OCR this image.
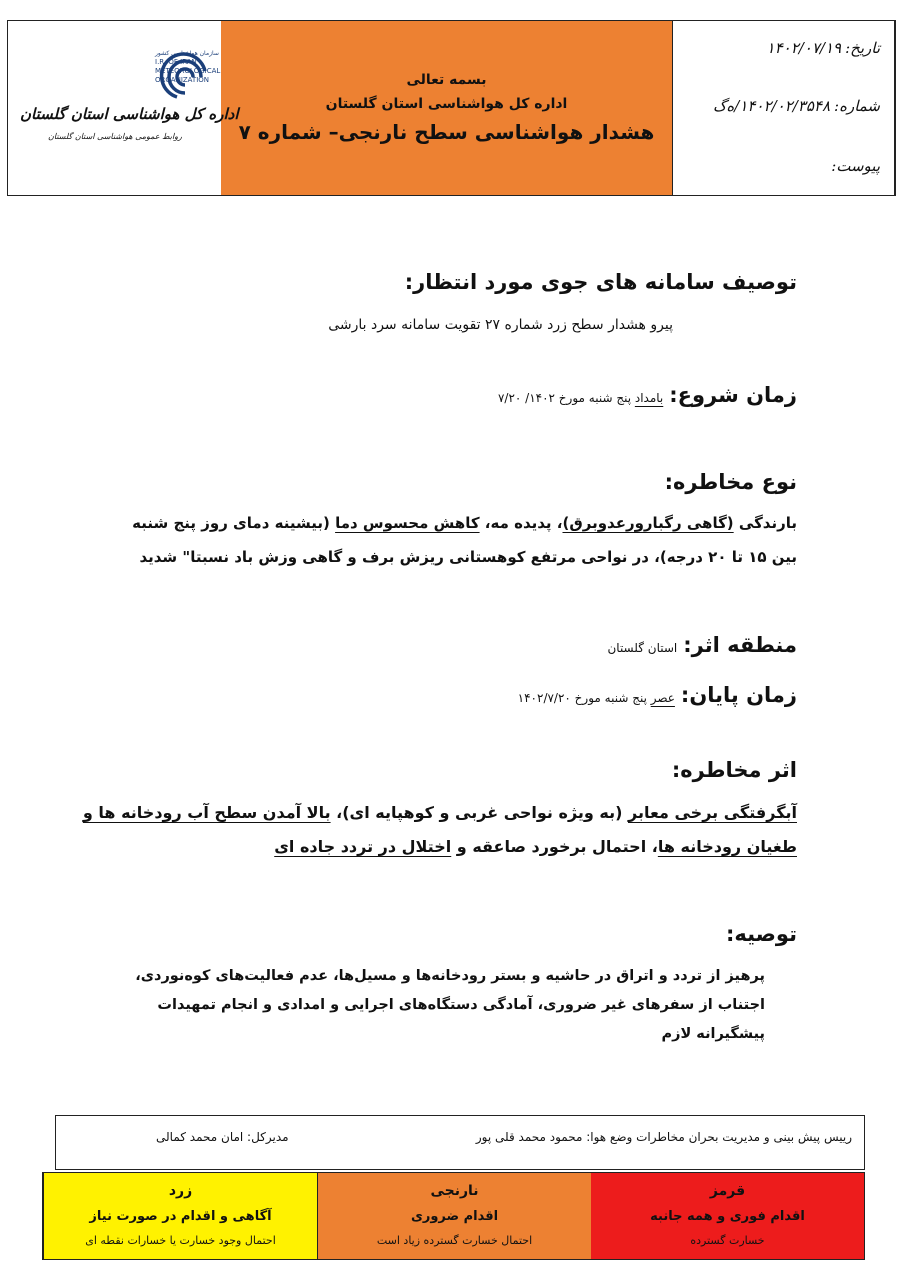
سازمان هواشناسی کشور
I.R. OF IRAN
METEOROLOGICAL
ORGANIZATION
اداره کل هواشناسی استان گلستان
روابط عمومی هواشناسی استان گلستان
بسمه تعالی
اداره کل هواشناسی استان گلستان
هشدار هواشناسی سطح نارنجی– شماره ۷
تاریخ:۱۴۰۲/۰۷/۱۹
شماره:۱۴۰۲/۰۲/۳۵۴۸/ه‌گ
پیوست:
توصیف سامانه های جوی مورد انتظار:
پیرو هشدار سطح زرد شماره ۲۷ تقویت سامانه سرد بارشی
زمان شروع:بامداد پنج شنبه مورخ ۱۴۰۲/ ۷/۲۰
نوع مخاطره:
بارندگی (گاهی رگبارورعدوبرق)، پدیده مه، کاهش محسوس دما (بیشینه دمای روز پنج شنبه
بین ۱۵ تا ۲۰ درجه)، در نواحی مرتفع کوهستانی ریزش برف و گاهی وزش باد نسبتا" شدید
منطقه اثر:استان گلستان
زمان پایان:عصر پنج شنبه مورخ ۱۴۰۲/۷/۲۰
اثر مخاطره:
آبگرفتگی برخی معابر (به ویژه نواحی غربی و کوهپایه ای)، بالا آمدن سطح آب رودخانه ها و
طغیان رودخانه ها، احتمال برخورد صاعقه و اختلال در تردد جاده ای
توصیه:
پرهیز از تردد و اتراق در حاشیه و بستر رودخانه‌ها و مسیل‌ها، عدم فعالیت‌های کوه‌نوردی،
اجتناب از سفرهای غیر ضروری، آمادگی دستگاه‌های اجرایی و امدادی و انجام تمهیدات
پیشگیرانه لازم
رییس پیش بینی و مدیریت بحران مخاطرات وضع هوا: محمود محمد قلی پور
مدیرکل: امان محمد کمالی
زرد
آگاهی و اقدام در صورت نیاز
احتمال وجود خسارت یا خسارات نقطه ای
نارنجی
اقدام ضروری
احتمال خسارت گسترده زیاد است
قرمز
اقدام فوری و همه جانبه
خسارت گسترده
